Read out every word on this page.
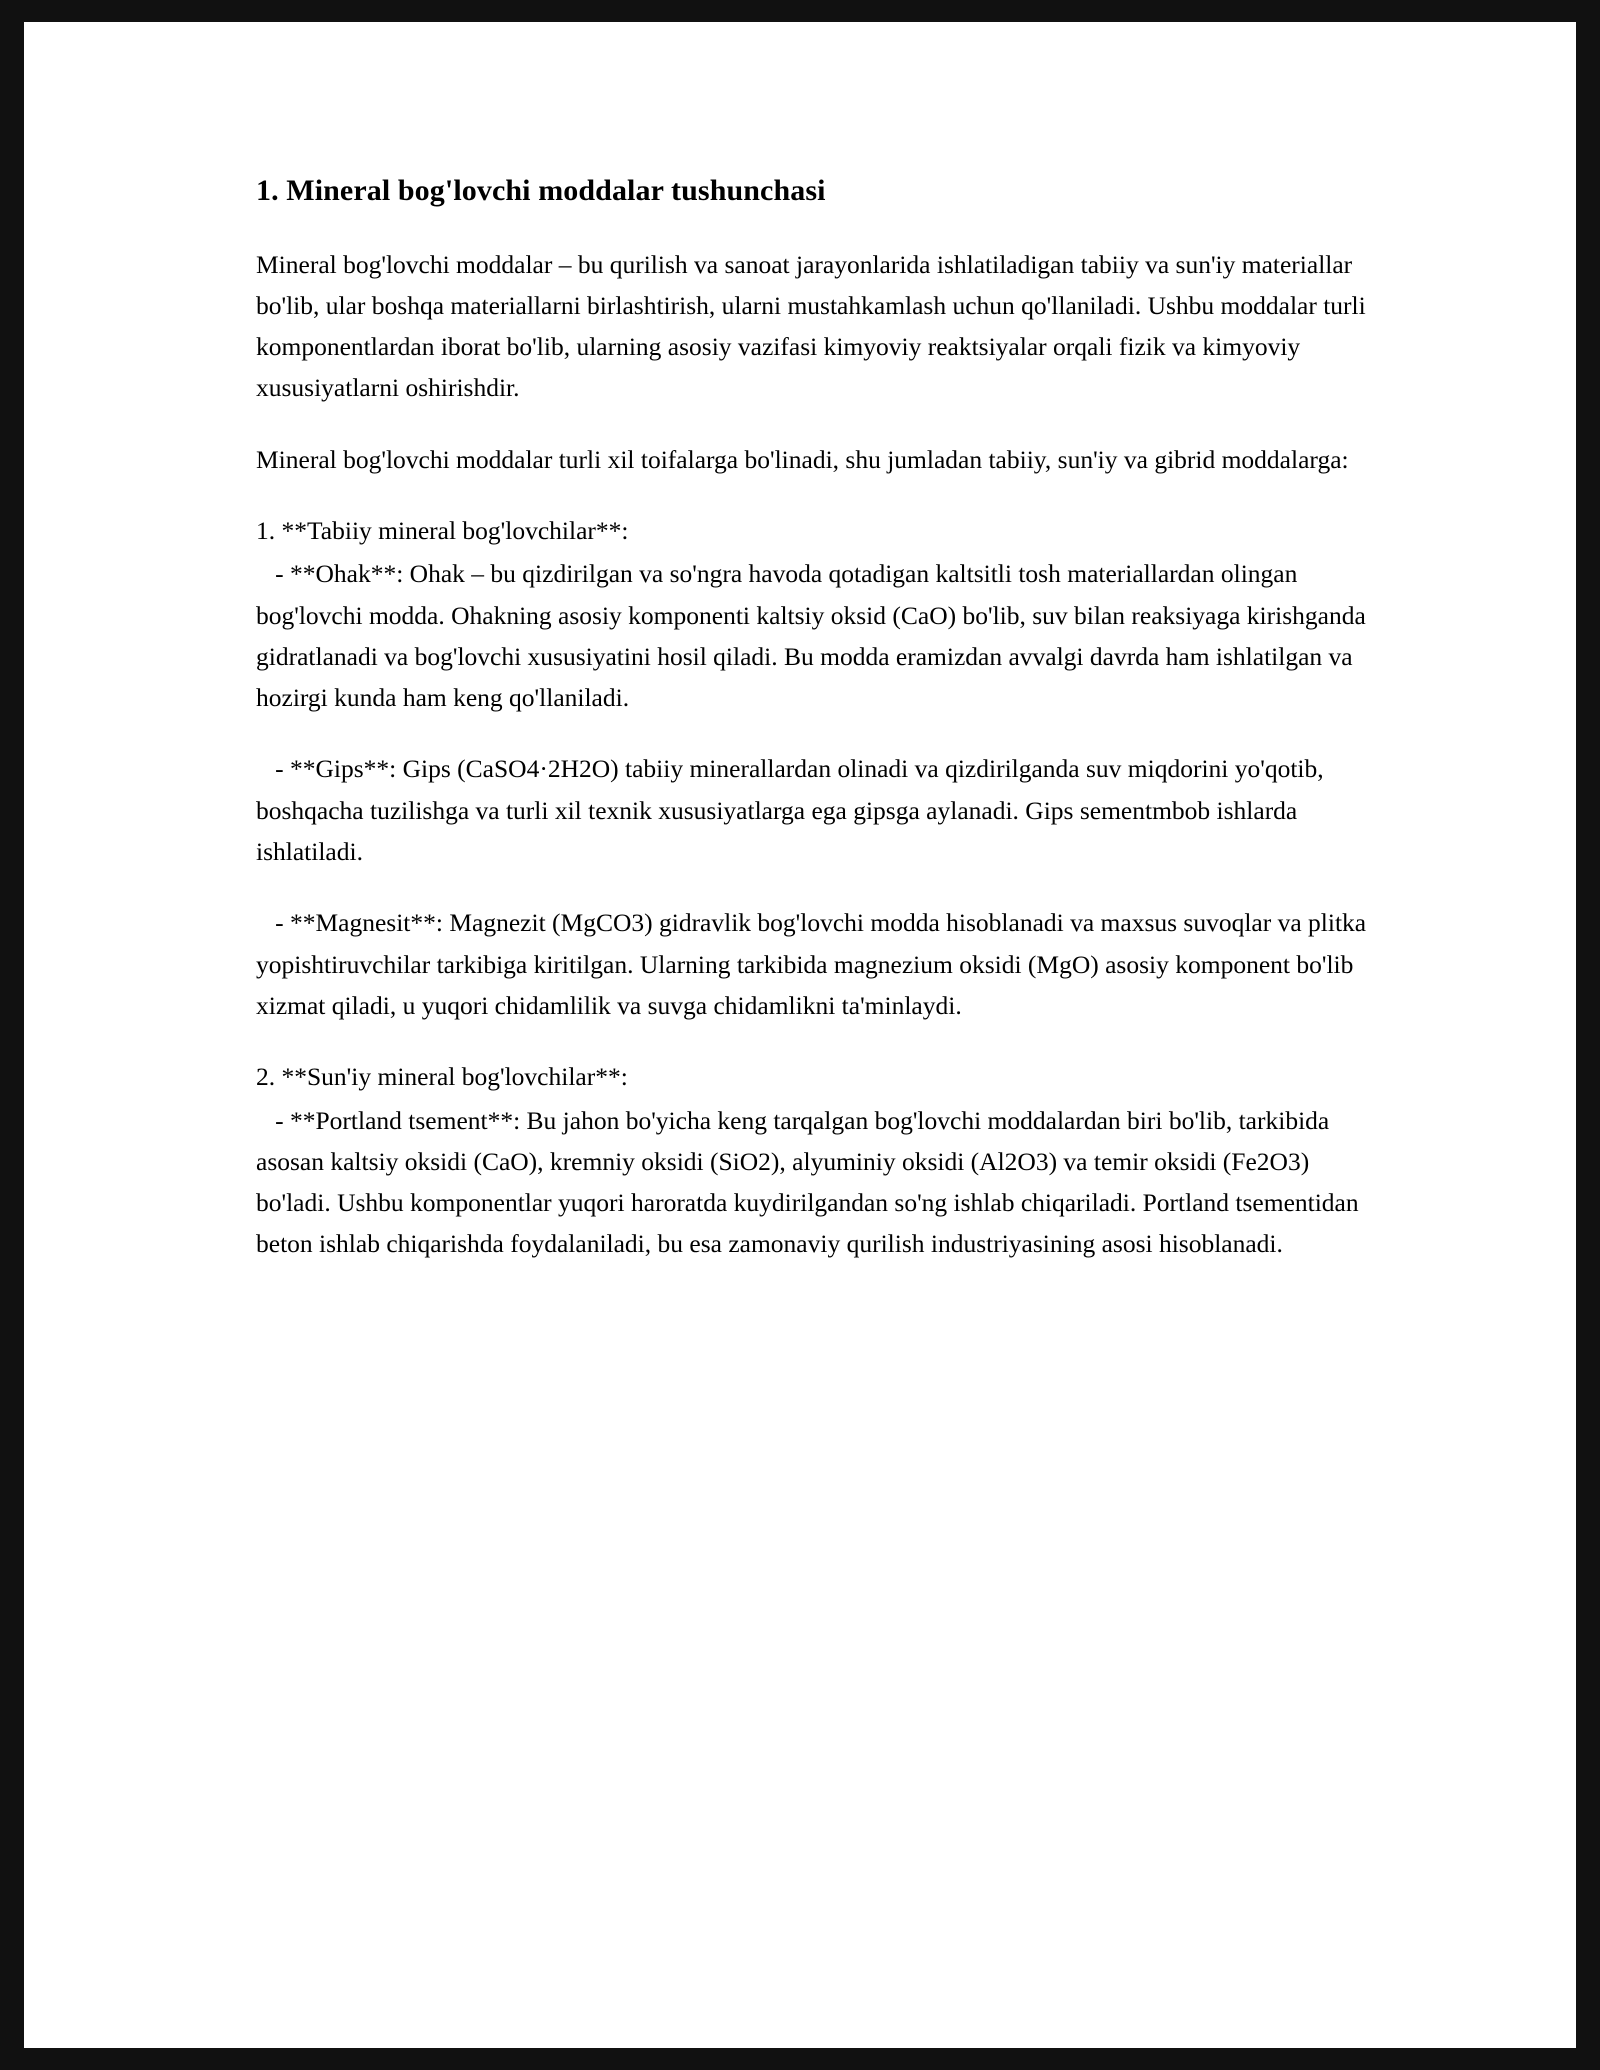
1. Mineral bog'lovchi moddalar tushunchasi

Mineral bog'lovchi moddalar – bu qurilish va sanoat jarayonlarida ishlatiladigan tabiiy va sun'iy materiallar bo'lib, ular boshqa materiallarni birlashtirish, ularni mustahkamlash uchun qo'llaniladi. Ushbu moddalar turli komponentlardan iborat bo'lib, ularning asosiy vazifasi kimyoviy reaktsiyalar orqali fizik va kimyoviy xususiyatlarni oshirishdir.

Mineral bog'lovchi moddalar turli xil toifalarga bo'linadi, shu jumladan tabiiy, sun'iy va gibrid moddalarga:

1. **Tabiiy mineral bog'lovchilar**:

- **Ohak**: Ohak – bu qizdirilgan va so'ngra havoda qotadigan kaltsitli tosh materiallardan olingan bog'lovchi modda. Ohakning asosiy komponenti kaltsiy oksid (CaO) bo'lib, suv bilan reaksiyaga kirishganda gidratlanadi va bog'lovchi xususiyatini hosil qiladi. Bu modda eramizdan avvalgi davrda ham ishlatilgan va hozirgi kunda ham keng qo'llaniladi.

- **Gips**: Gips (CaSO4·2H2O) tabiiy minerallardan olinadi va qizdirilganda suv miqdorini yo'qotib, boshqacha tuzilishga va turli xil texnik xususiyatlarga ega gipsga aylanadi. Gips sementmbob ishlarda ishlatiladi.

- **Magnesit**: Magnezit (MgCO3) gidravlik bog'lovchi modda hisoblanadi va maxsus suvoqlar va plitka yopishtiruvchilar tarkibiga kiritilgan. Ularning tarkibida magnezium oksidi (MgO) asosiy komponent bo'lib xizmat qiladi, u yuqori chidamlilik va suvga chidamlikni ta'minlaydi.

2. **Sun'iy mineral bog'lovchilar**:

- **Portland tsement**: Bu jahon bo'yicha keng tarqalgan bog'lovchi moddalardan biri bo'lib, tarkibida asosan kaltsiy oksidi (CaO), kremniy oksidi (SiO2), alyuminiy oksidi (Al2O3) va temir oksidi (Fe2O3) bo'ladi. Ushbu komponentlar yuqori haroratda kuydirilgandan so'ng ishlab chiqariladi. Portland tsementidan beton ishlab chiqarishda foydalaniladi, bu esa zamonaviy qurilish industriyasining asosi hisoblanadi.
